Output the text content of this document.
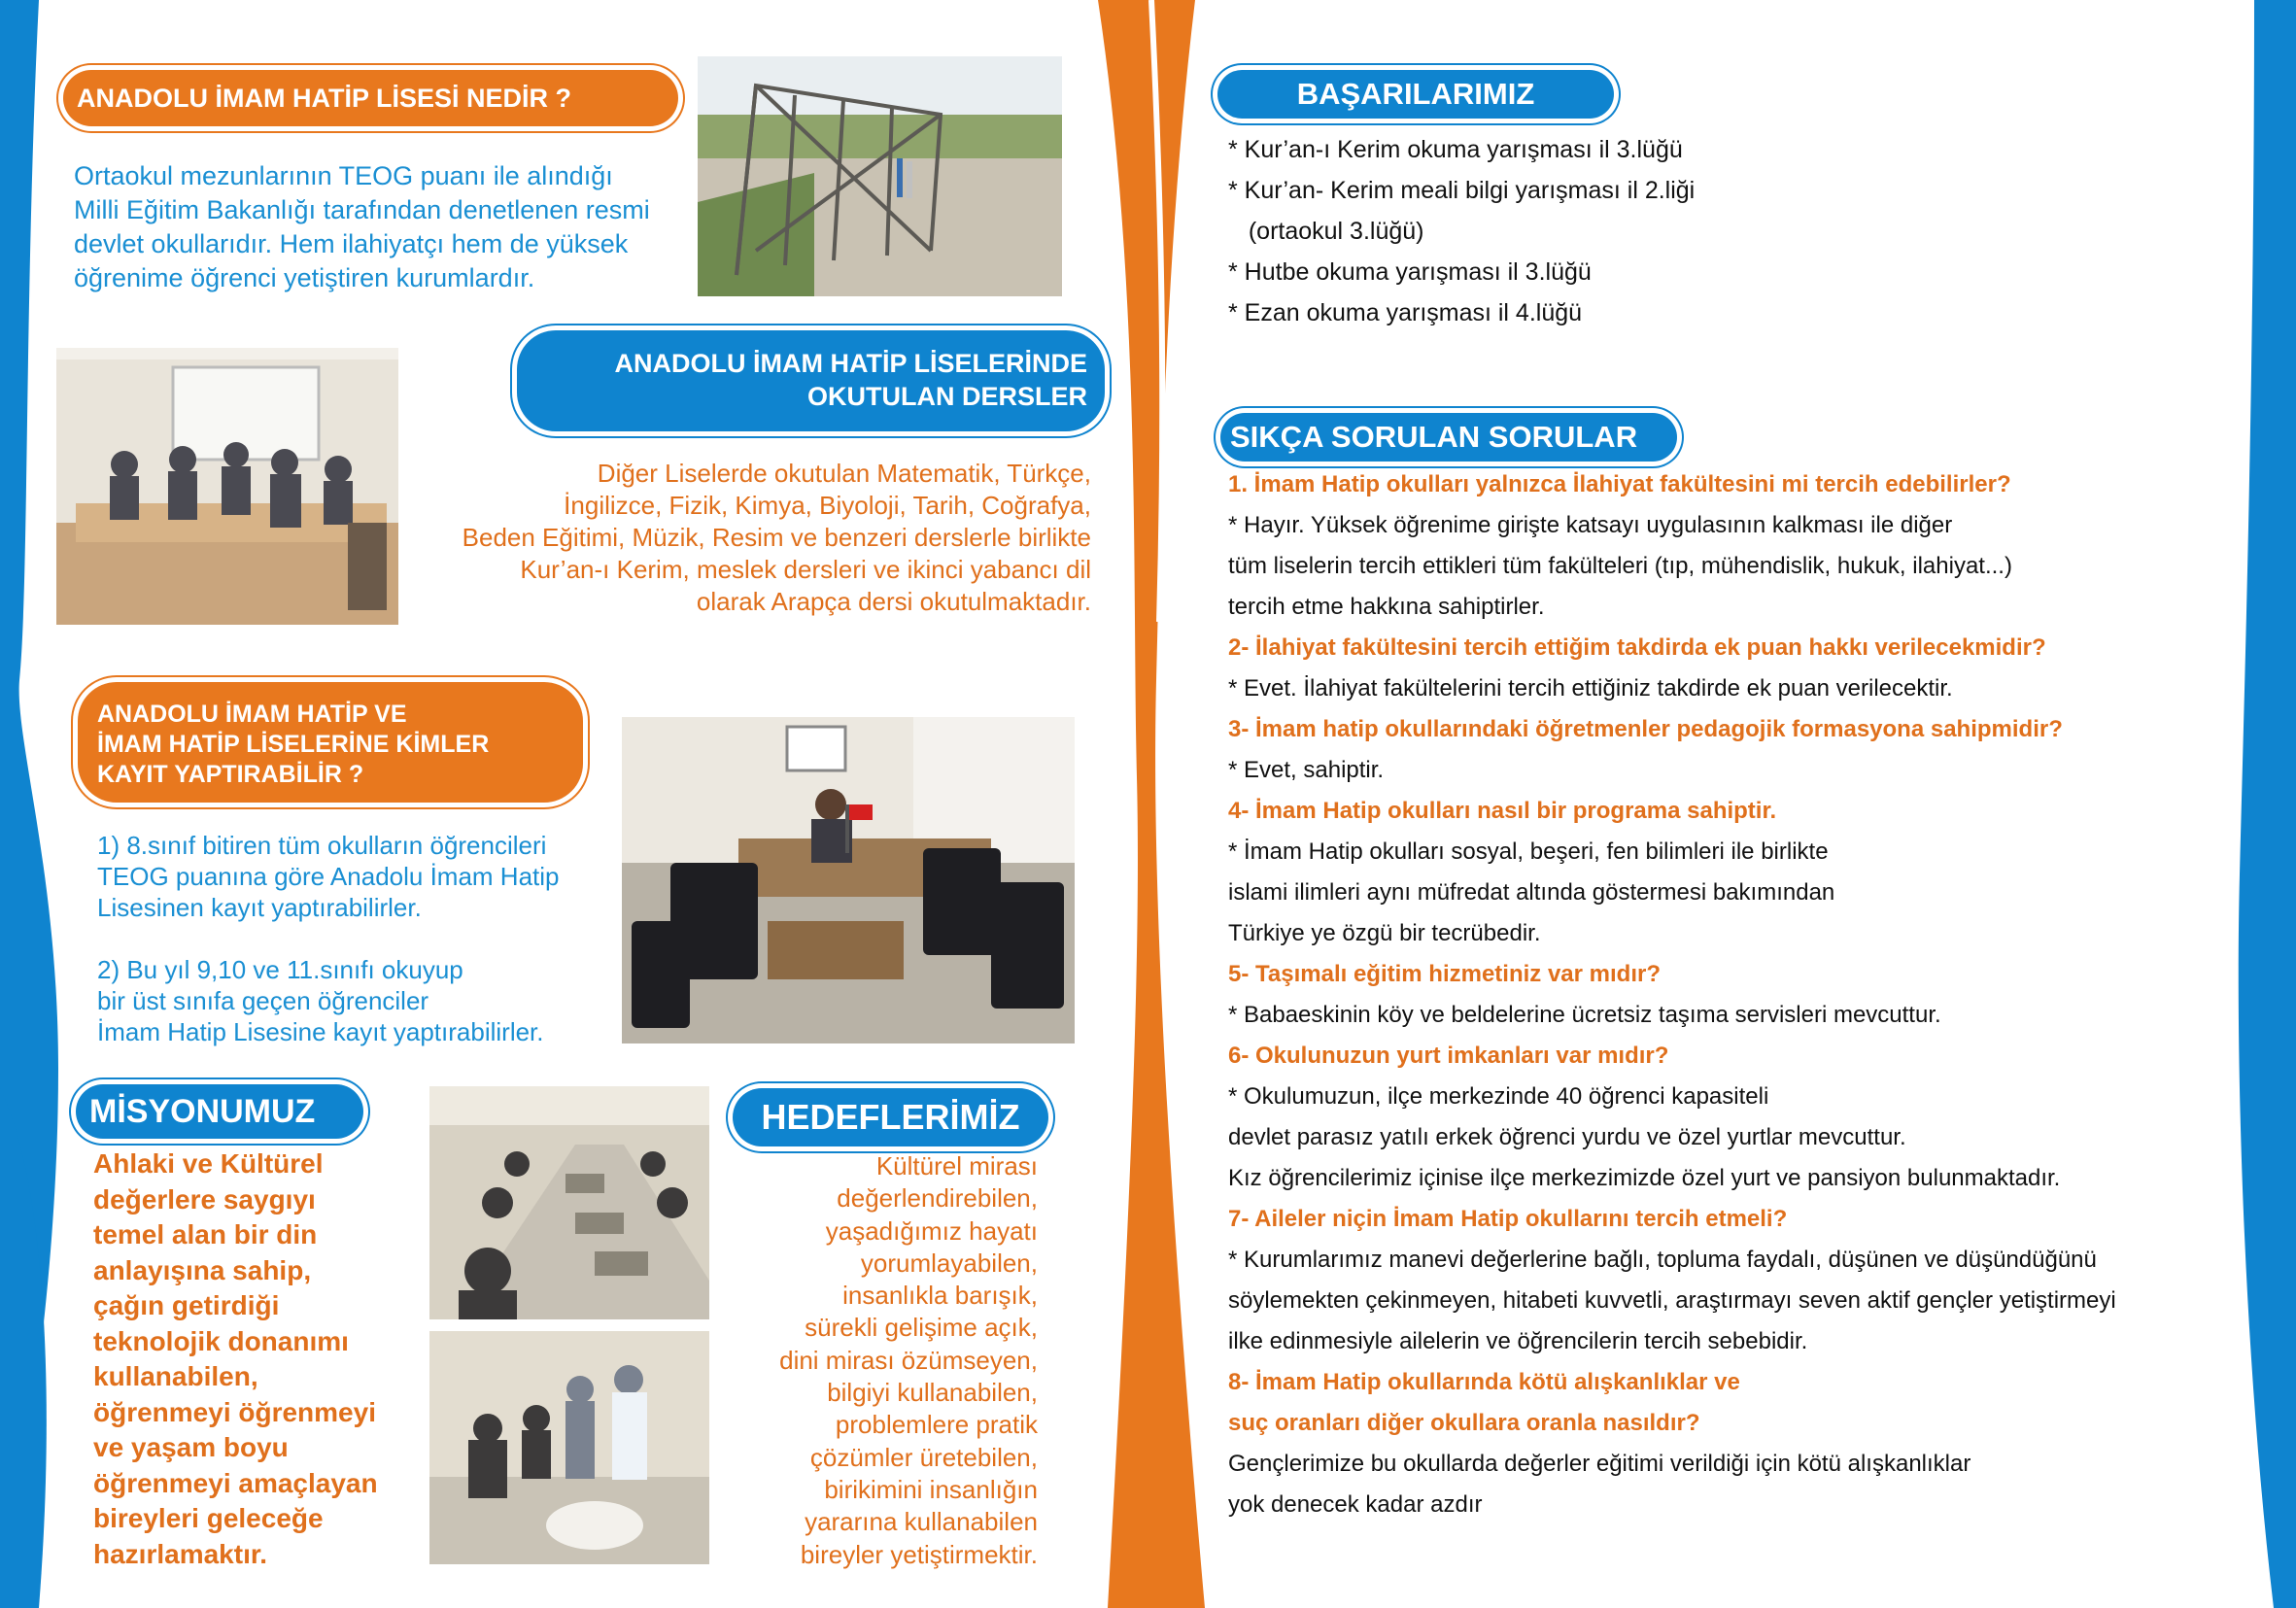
ANADOLU İMAM HATİP LİSESİ NEDİR ?
Ortaokul mezunlarının TEOG puanı ile alındığı
Milli Eğitim Bakanlığı tarafından denetlenen resmi
devlet okullarıdır. Hem ilahiyatçı hem de yüksek
öğrenime öğrenci yetiştiren kurumlardır.
ANADOLU İMAM HATİP LİSELERİNDE
OKUTULAN DERSLER
Diğer Liselerde okutulan Matematik, Türkçe,
İngilizce, Fizik, Kimya, Biyoloji, Tarih, Coğrafya,
Beden Eğitimi, Müzik, Resim ve benzeri derslerle birlikte
Kur’an-ı Kerim, meslek dersleri ve ikinci yabancı dil
olarak Arapça dersi okutulmaktadır.
ANADOLU İMAM HATİP VE
İMAM HATİP LİSELERİNE KİMLER
KAYIT YAPTIRABİLİR ?
1) 8.sınıf bitiren tüm okulların öğrencileri
TEOG puanına göre Anadolu İmam Hatip
Lisesinen kayıt yaptırabilirler.
2) Bu yıl 9,10 ve 11.sınıfı okuyup
bir üst sınıfa geçen öğrenciler
İmam Hatip Lisesine kayıt yaptırabilirler.
MİSYONUMUZ
Ahlaki ve Kültürel
değerlere saygıyı
temel alan bir din
anlayışına sahip,
çağın getirdiği
teknolojik donanımı
kullanabilen,
öğrenmeyi öğrenmeyi
ve yaşam boyu
öğrenmeyi amaçlayan
bireyleri geleceğe
hazırlamaktır.
HEDEFLERİMİZ
Kültürel mirası
değerlendirebilen,
yaşadığımız hayatı
yorumlayabilen,
insanlıkla barışık,
sürekli gelişime açık,
dini mirası özümseyen,
bilgiyi kullanabilen,
problemlere pratik
çözümler üretebilen,
birikimini insanlığın
yararına kullanabilen
bireyler yetiştirmektir.
BAŞARILARIMIZ
* Kur’an-ı Kerim okuma yarışması il 3.lüğü
* Kur’an- Kerim meali bilgi yarışması il 2.liği
(ortaokul 3.lüğü)
* Hutbe okuma yarışması il 3.lüğü
* Ezan okuma yarışması il 4.lüğü
SIKÇA SORULAN SORULAR
1. İmam Hatip okulları yalnızca İlahiyat fakültesini mi tercih edebilirler?
* Hayır. Yüksek öğrenime girişte katsayı uygulasının kalkması ile diğer
tüm liselerin tercih ettikleri tüm fakülteleri (tıp, mühendislik, hukuk, ilahiyat...)
tercih etme hakkına sahiptirler.
2- İlahiyat fakültesini tercih ettiğim takdirda ek puan hakkı verilecekmidir?
* Evet. İlahiyat fakültelerini tercih ettiğiniz takdirde ek puan verilecektir.
3- İmam hatip okullarındaki öğretmenler pedagojik formasyona sahipmidir?
* Evet, sahiptir.
4- İmam Hatip okulları nasıl bir programa sahiptir.
* İmam Hatip okulları sosyal, beşeri, fen bilimleri ile birlikte
islami ilimleri aynı müfredat altında göstermesi bakımından
Türkiye ye özgü bir tecrübedir.
5- Taşımalı eğitim hizmetiniz var mıdır?
* Babaeskinin köy ve beldelerine ücretsiz taşıma servisleri mevcuttur.
6- Okulunuzun yurt imkanları var mıdır?
* Okulumuzun, ilçe merkezinde 40 öğrenci kapasiteli
devlet parasız yatılı erkek öğrenci yurdu ve özel yurtlar mevcuttur.
Kız öğrencilerimiz içinise ilçe merkezimizde özel yurt ve pansiyon bulunmaktadır.
7- Aileler niçin İmam Hatip okullarını tercih etmeli?
* Kurumlarımız manevi değerlerine bağlı, topluma faydalı, düşünen ve düşündüğünü
söylemekten çekinmeyen, hitabeti kuvvetli, araştırmayı seven aktif gençler yetiştirmeyi
ilke edinmesiyle ailelerin ve öğrencilerin tercih sebebidir.
8- İmam Hatip okullarında kötü alışkanlıklar ve
suç oranları diğer okullara oranla nasıldır?
Gençlerimize bu okullarda değerler eğitimi verildiği için kötü alışkanlıklar
yok denecek kadar azdır
